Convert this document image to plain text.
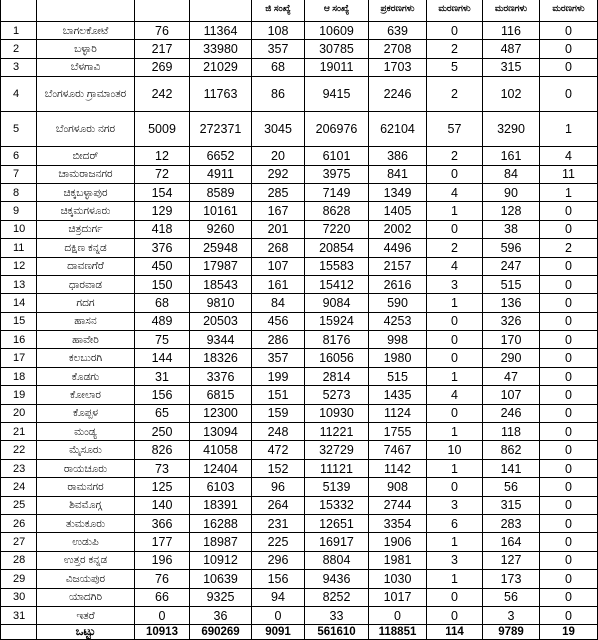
				ಜಿ ಸಂಖ್ಯೆ	ಆ ಸಂಖ್ಯೆ	ಪ್ರಕರಣಗಳು	ಮರಣಗಳು	ಮರಣಗಳು	ಮರಣಗಳು
1	ಬಾಗಲಕೋಟೆ	76	11364	108	10609	639	0	116	0
2	ಬಳ್ಳಾರಿ	217	33980	357	30785	2708	2	487	0
3	ಬೆಳಗಾವಿ	269	21029	68	19011	1703	5	315	0
4	ಬೆಂಗಳೂರು ಗ್ರಾಮಾಂತರ	242	11763	86	9415	2246	2	102	0
5	ಬೆಂಗಳೂರು ನಗರ	5009	272371	3045	206976	62104	57	3290	1
6	ಬೀದರ್	12	6652	20	6101	386	2	161	4
7	ಚಾಮರಾಜನಗರ	72	4911	292	3975	841	0	84	11
8	ಚಿಕ್ಕಬಳ್ಳಾಪುರ	154	8589	285	7149	1349	4	90	1
9	ಚಿಕ್ಕಮಗಳೂರು	129	10161	167	8628	1405	1	128	0
10	ಚಿತ್ರದುರ್ಗ	418	9260	201	7220	2002	0	38	0
11	ದಕ್ಷಿಣ ಕನ್ನಡ	376	25948	268	20854	4496	2	596	2
12	ದಾವಣಗೆರೆ	450	17987	107	15583	2157	4	247	0
13	ಧಾರವಾಡ	150	18543	161	15412	2616	3	515	0
14	ಗದಗ	68	9810	84	9084	590	1	136	0
15	ಹಾಸನ	489	20503	456	15924	4253	0	326	0
16	ಹಾವೇರಿ	75	9344	286	8176	998	0	170	0
17	ಕಲಬುರಗಿ	144	18326	357	16056	1980	0	290	0
18	ಕೊಡಗು	31	3376	199	2814	515	1	47	0
19	ಕೋಲಾರ	156	6815	151	5273	1435	4	107	0
20	ಕೊಪ್ಪಳ	65	12300	159	10930	1124	0	246	0
21	ಮಂಡ್ಯ	250	13094	248	11221	1755	1	118	0
22	ಮೈಸೂರು	826	41058	472	32729	7467	10	862	0
23	ರಾಯಚೂರು	73	12404	152	11121	1142	1	141	0
24	ರಾಮನಗರ	125	6103	96	5139	908	0	56	0
25	ಶಿವಮೊಗ್ಗ	140	18391	264	15332	2744	3	315	0
26	ತುಮಕೂರು	366	16288	231	12651	3354	6	283	0
27	ಉಡುಪಿ	177	18987	225	16917	1906	1	164	0
28	ಉತ್ತರ ಕನ್ನಡ	196	10912	296	8804	1981	3	127	0
29	ವಿಜಯಪುರ	76	10639	156	9436	1030	1	173	0
30	ಯಾದಗಿರಿ	66	9325	94	8252	1017	0	56	0
31	ಇತರೆ	0	36	0	33	0	0	3	0
	ಒಟ್ಟು	10913	690269	9091	561610	118851	114	9789	19
